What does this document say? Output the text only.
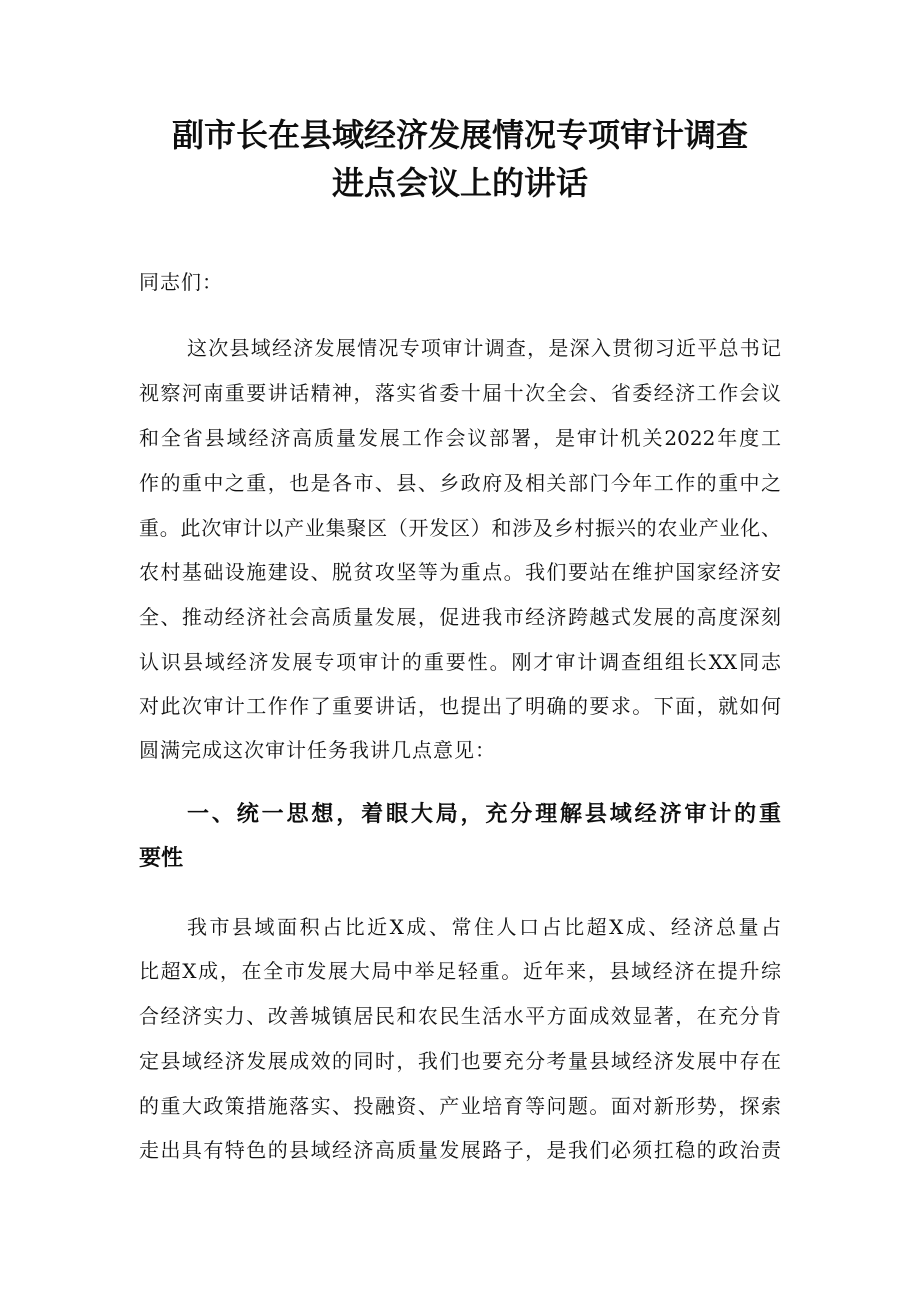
副市长在县域经济发展情况专项审计调查
进点会议上的讲话
同志们：
这次县域经济发展情况专项审计调查，是深入贯彻习近平总书记
视察河南重要讲话精神，落实省委十届十次全会、省委经济工作会议
和全省县域经济高质量发展工作会议部署，是审计机关2022年度工
作的重中之重，也是各市、县、乡政府及相关部门今年工作的重中之
重。此次审计以产业集聚区（开发区）和涉及乡村振兴的农业产业化、
农村基础设施建设、脱贫攻坚等为重点。我们要站在维护国家经济安
全、推动经济社会高质量发展，促进我市经济跨越式发展的高度深刻
认识县域经济发展专项审计的重要性。刚才审计调查组组长XX同志
对此次审计工作作了重要讲话，也提出了明确的要求。下面，就如何
圆满完成这次审计任务我讲几点意见：
一、统一思想，着眼大局，充分理解县域经济审计的重
要性
我市县域面积占比近X成、常住人口占比超X成、经济总量占
比超X成，在全市发展大局中举足轻重。近年来，县域经济在提升综
合经济实力、改善城镇居民和农民生活水平方面成效显著，在充分肯
定县域经济发展成效的同时，我们也要充分考量县域经济发展中存在
的重大政策措施落实、投融资、产业培育等问题。面对新形势，探索
走出具有特色的县域经济高质量发展路子，是我们必须扛稳的政治责
